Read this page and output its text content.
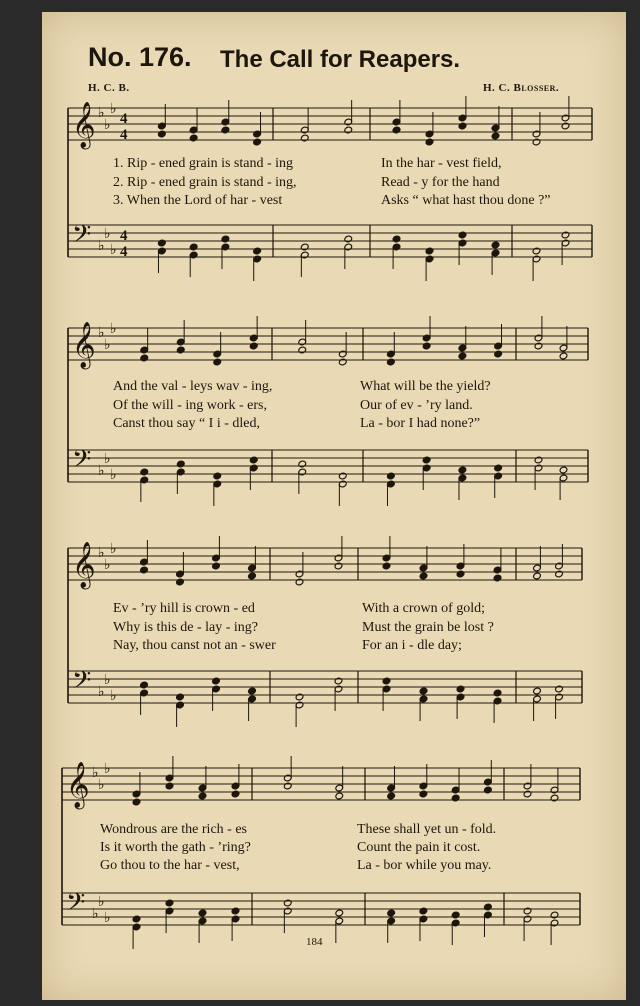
𝄞 ♭
♭
♭
4
4
𝄢 ♭
♭
♭
4
4
𝄞 ♭
♭
♭
𝄢 ♭
♭
♭
𝄞 ♭
♭
♭
𝄢 ♭
♭
♭
𝄞 ♭
♭
♭
𝄢 ♭
♭
♭
No. 176. The Call for Reapers.
H. C. B.	H. C. Blosser.
1. Rip - ened grain is stand - ing	In the har - vest field,
2. Rip - ened grain is stand - ing,	Read - y for the hand
3. When the Lord of har - vest	Asks “ what hast thou done ?”
And the val - leys wav - ing,	What will be the yield?
Of the will - ing work - ers,	Our of ev - ’ry land.
Canst thou say “ I i - dled,	La - bor I had none?”
Ev - ’ry hill is crown - ed	With a crown of gold;
Why is this de - lay - ing?	Must the grain be lost ?
Nay, thou canst not an - swer	For an i - dle day;
Wondrous are the rich - es	These shall yet un - fold.
Is it worth the gath - ’ring?	Count the pain it cost.
Go thou to the har - vest,	La - bor while you may.
184
